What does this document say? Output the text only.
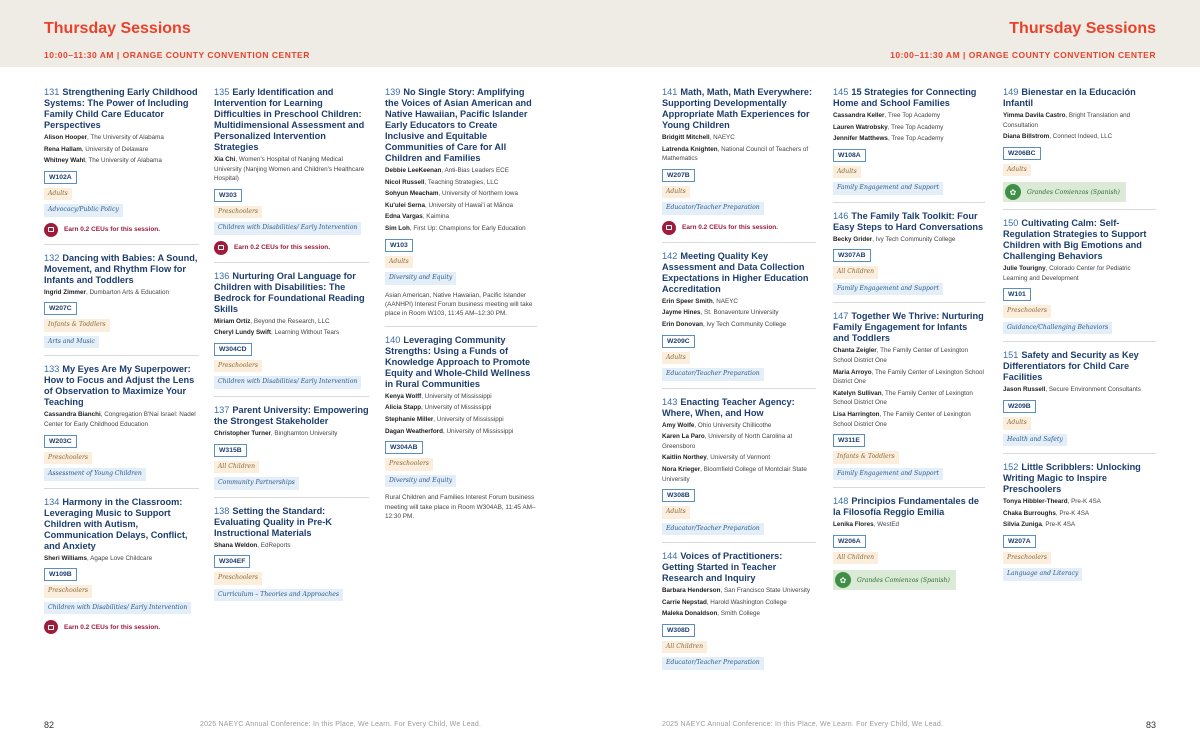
Thursday Sessions
10:00–11:30 AM | ORANGE COUNTY CONVENTION CENTER
131 Strengthening Early Childhood Systems: The Power of Including Family Child Care Educator Perspectives
Alison Hooper, The University of Alabama
Rena Hallam, University of Delaware
Whitney Wahl, The University of Alabama
W102A
Adults
Advocacy/Public Policy
Earn 0.2 CEUs for this session.
132 Dancing with Babies: A Sound, Movement, and Rhythm Flow for Infants and Toddlers
Ingrid Zimmer, Dumbarton Arts & Education
W207C
Infants & Toddlers
Arts and Music
133 My Eyes Are My Superpower: How to Focus and Adjust the Lens of Observation to Maximize Your Teaching
Cassandra Bianchi, Congregation B'Nai Israel: Nadel Center for Early Childhood Education
W203C
Preschoolers
Assessment of Young Children
134 Harmony in the Classroom: Leveraging Music to Support Children with Autism, Communication Delays, Conflict, and Anxiety
Sheri Williams, Agape Love Childcare
W109B
Preschoolers
Children with Disabilities/ Early Intervention
Earn 0.2 CEUs for this session.
135 Early Identification and Intervention for Learning Difficulties in Preschool Children: Multidimensional Assessment and Personalized Intervention Strategies
Xia Chi, Women's Hospital of Nanjing Medical University (Nanjing Women and Children's Healthcare Hospital)
W303
Preschoolers
Children with Disabilities/ Early Intervention
Earn 0.2 CEUs for this session.
136 Nurturing Oral Language for Children with Disabilities: The Bedrock for Foundational Reading Skills
Miriam Ortiz, Beyond the Research, LLC
Cheryl Lundy Swift, Learning Without Tears
W304CD
Preschoolers
Children with Disabilities/ Early Intervention
137 Parent University: Empowering the Strongest Stakeholder
Christopher Turner, Binghamton University
W315B
All Children
Community Partnerships
138 Setting the Standard: Evaluating Quality in Pre-K Instructional Materials
Shana Weldon, EdReports
W304EF
Preschoolers
Curriculum – Theories and Approaches
139 No Single Story: Amplifying the Voices of Asian American and Native Hawaiian, Pacific Islander Early Educators to Create Inclusive and Equitable Communities of Care for All Children and Families
Debbie LeeKeenan, Anti-Bias Leaders ECE
Nicol Russell, Teaching Strategies, LLC
Sohyun Meacham, University of Northern Iowa
Ku'ulei Serna, University of Hawai'i at Mānoa
Edna Vargas, Kaimina
Sim Loh, First Up: Champions for Early Education
W103
Adults
Diversity and Equity
Asian American, Native Hawaiian, Pacific Islander (AANHPI) Interest Forum business meeting will take place in Room W103, 11:45 AM–12:30 PM.
140 Leveraging Community Strengths: Using a Funds of Knowledge Approach to Promote Equity and Whole-Child Wellness in Rural Communities
Kenya Wolff, University of Mississippi
Alicia Stapp, University of Mississippi
Stephanie Miller, University of Mississippi
Dagan Weatherford, University of Mississippi
W304AB
Preschoolers
Diversity and Equity
Rural Children and Families Interest Forum business meeting will take place in Room W304AB, 11:45 AM–12:30 PM.
82	2025 NAEYC Annual Conference: In this Place, We Learn. For Every Child, We Lead.
Thursday Sessions
10:00–11:30 AM | ORANGE COUNTY CONVENTION CENTER
141 Math, Math, Math Everywhere: Supporting Developmentally Appropriate Math Experiences for Young Children
Bridgitt Mitchell, NAEYC
Latrenda Knighten, National Council of Teachers of Mathematics
W207B
Adults
Educator/Teacher Preparation
Earn 0.2 CEUs for this session.
142 Meeting Quality Key Assessment and Data Collection Expectations in Higher Education Accreditation
Erin Speer Smith, NAEYC
Jayme Hines, St. Bonaventure University
Erin Donovan, Ivy Tech Community College
W209C
Adults
Educator/Teacher Preparation
143 Enacting Teacher Agency: Where, When, and How
Amy Wolfe, Ohio University Chillicothe
Karen La Paro, University of North Carolina at Greensboro
Kaitlin Northey, University of Vermont
Nora Krieger, Bloomfield College of Montclair State University
W308B
Adults
Educator/Teacher Preparation
144 Voices of Practitioners: Getting Started in Teacher Research and Inquiry
Barbara Henderson, San Francisco State University
Carrie Nepstad, Harold Washington College
Maleka Donaldson, Smith College
W308D
All Children
Educator/Teacher Preparation
145 15 Strategies for Connecting Home and School Families
Cassandra Keller, Tree Top Academy
Lauren Watrobsky, Tree Top Academy
Jennifer Matthews, Tree Top Academy
W108A
Adults
Family Engagement and Support
146 The Family Talk Toolkit: Four Easy Steps to Hard Conversations
Becky Grider, Ivy Tech Community College
W307AB
All Children
Family Engagement and Support
147 Together We Thrive: Nurturing Family Engagement for Infants and Toddlers
Chanta Zeigler, The Family Center of Lexington School District One
Maria Arroyo, The Family Center of Lexington School District One
Katelyn Sullivan, The Family Center of Lexington School District One
Lisa Harrington, The Family Center of Lexington School District One
W311E
Infants & Toddlers
Family Engagement and Support
148 Principios Fundamentales de la Filosofía Reggio Emilia
Lenika Flores, WestEd
W206A
All Children
✿	Grandes Comienzos (Spanish)
149 Bienestar en la Educación Infantil
Yimma Davila Castro, Bright Translation and Consultation
Diana Billstrom, Connect Indeed, LLC
W206BC
Adults
✿	Grandes Comienzos (Spanish)
150 Cultivating Calm: Self-Regulation Strategies to Support Children with Big Emotions and Challenging Behaviors
Julie Tourigny, Colorado Center for Pediatric Learning and Development
W101
Preschoolers
Guidance/Challenging Behaviors
151 Safety and Security as Key Differentiators for Child Care Facilities
Jason Russell, Secure Environment Consultants
W209B
Adults
Health and Safety
152 Little Scribblers: Unlocking Writing Magic to Inspire Preschoolers
Tonya Hibbler-Theard, Pre-K 4SA
Chaka Burroughs, Pre-K 4SA
Silvia Zuniga, Pre-K 4SA
W207A
Preschoolers
Language and Literacy
2025 NAEYC Annual Conference: In this Place, We Learn. For Every Child, We Lead.	83
